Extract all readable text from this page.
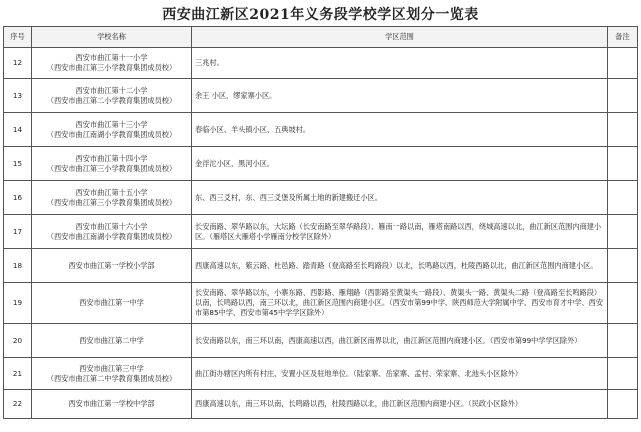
西安曲江新区2021年义务段学校学区划分一览表
序号	学校名称	学区范围	备注
12	西安市曲江第十一小学
（西安市曲江第三小学教育集团成员校）	三兆村。	
13	西安市曲江第十二小学
（西安市曲江第二小学教育集团成员校）	余王 小区、缪家寨小区。	
14	西安市曲江第十三小学
（西安市曲江南湖小学教育集团成员校）	春临小区、羊头镇小区、五典坡村。	
15	西安市曲江第十四小学
（西安市曲江第三小学教育集团成员校）	金浮沱小区、黑河小区。	
16	西安市曲江第十五小学
（西安市曲江第三小学教育集团成员校）	东、西三爻村，东、西三爻堡及所属土地的新建搬迁小区。	
17	西安市曲江第十六小学
（西安市曲江南湖小学教育集团成员校）	长安南路、翠华路以东，大坛路（长安南路至翠华路段）、雁南一路以南，雁塔南路以西，绕城高速以北，曲江新区范围内商建小区。（雁塔区大雁塔小学雁南分校学区除外）	
18	西安市曲江第一学校小学部	西康高速以东，紫云路、杜邑路、踏青路（登高路至长鸣路段）以北，长鸣路以西，杜陵西路以北，曲江新区范围内商建小区。	
19	西安市曲江第一中学	长安南路、翠华路以东，小寨东路、西影路、雁翔路（西影路至黄渠头一路段）、黄渠头一路、黄渠头二路（登高路至长鸣路段）以南，长鸣路以西，南三环以北，曲江新区范围内商建小区。（西安市第99中学、陕西师范大学附属中学、西安市育才中学、西安市第85中学、西安市第45中学学区除外）	
20	西安市曲江第二中学	长安南路以东，南三环以南，西康高速以西，曲江新区南界以北，曲江新区范围内商建小区。（西安市第99中学学区除外）	
21	西安市曲江第三中学
（西安市曲江第二中学教育集团成员校）	曲江街办辖区内所有村庄、安置小区及驻地单位。（陆家寨、岳家寨、孟村、荣家寨、北池头小区除外）	
22	西安市曲江第一学校中学部	西康高速以东，南三环以南，长鸣路以西，杜陵西路以北，曲江新区范围内商建小区。（民政小区除外）	
